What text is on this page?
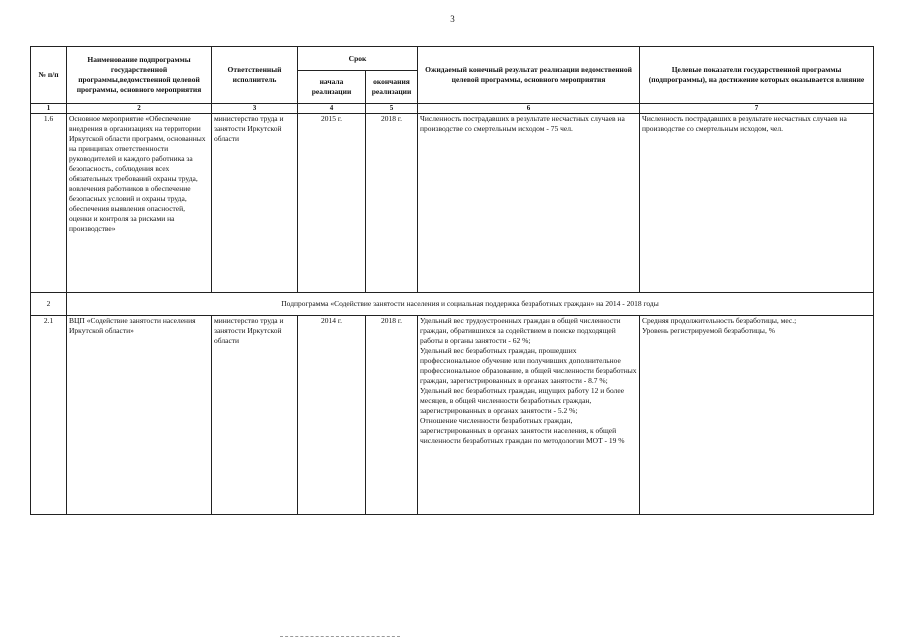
3
№ п/п	Наименование подпрограммы государственной программы,ведомственной целевой программы, основного мероприятия	Ответственный исполнитель	Срок		Ожидаемый конечный результат реализации ведомственной целевой программы, основного мероприятия	Целевые показатели государственной программы (подпрограммы), на достижение которых оказывается влияние
			начала реализации	окончания реализации		
1	2	3	4	5	6	7
1.6	Основное мероприятие «Обеспечение внедрения в организациях на территории Иркутской области программ, основанных на принципах ответственности руководителей и каждого работника за безопасность, соблюдения всех обязательных требований охраны труда, вовлечения работников в обеспечение безопасных условий и охраны труда, обеспечения выявления опасностей, оценки и контроля за рисками на производстве»	министерство труда и занятости Иркутской области	2015 г.	2018 г.	Численность пострадавших в результате несчастных случаев на производстве со смертельным исходом - 75 чел.	Численность пострадавших в результате несчастных случаев на производстве со смертельным исходом, чел.
2	Подпрограмма «Содействие занятости населения и социальная поддержка безработных граждан» на 2014 - 2018 годы					
2.1	ВЦП «Содействие занятости населения Иркутской области»	министерство труда и занятости Иркутской области	2014 г.	2018 г.	Удельный вес трудоустроенных граждан в общей численности граждан, обратившихся за содействием в поиске подходящей работы в органы занятости - 62 %;
Удельный вес безработных граждан, прошедших профессиональное обучение или получивших дополнительное профессиональное образование, в общей численности безработных граждан, зарегистрированных в органах занятости - 8.7 %;
Удельный вес безработных граждан, ищущих работу 12 и более месяцев, в общей численности безработных граждан, зарегистрированных в органах занятости - 5.2 %;
Отношение численности безработных граждан, зарегистрированных в органах занятости населения, к общей численности безработных граждан по методологии МОТ - 19 %	Средняя продолжительность безработицы, мес.;
Уровень регистрируемой безработицы, %
